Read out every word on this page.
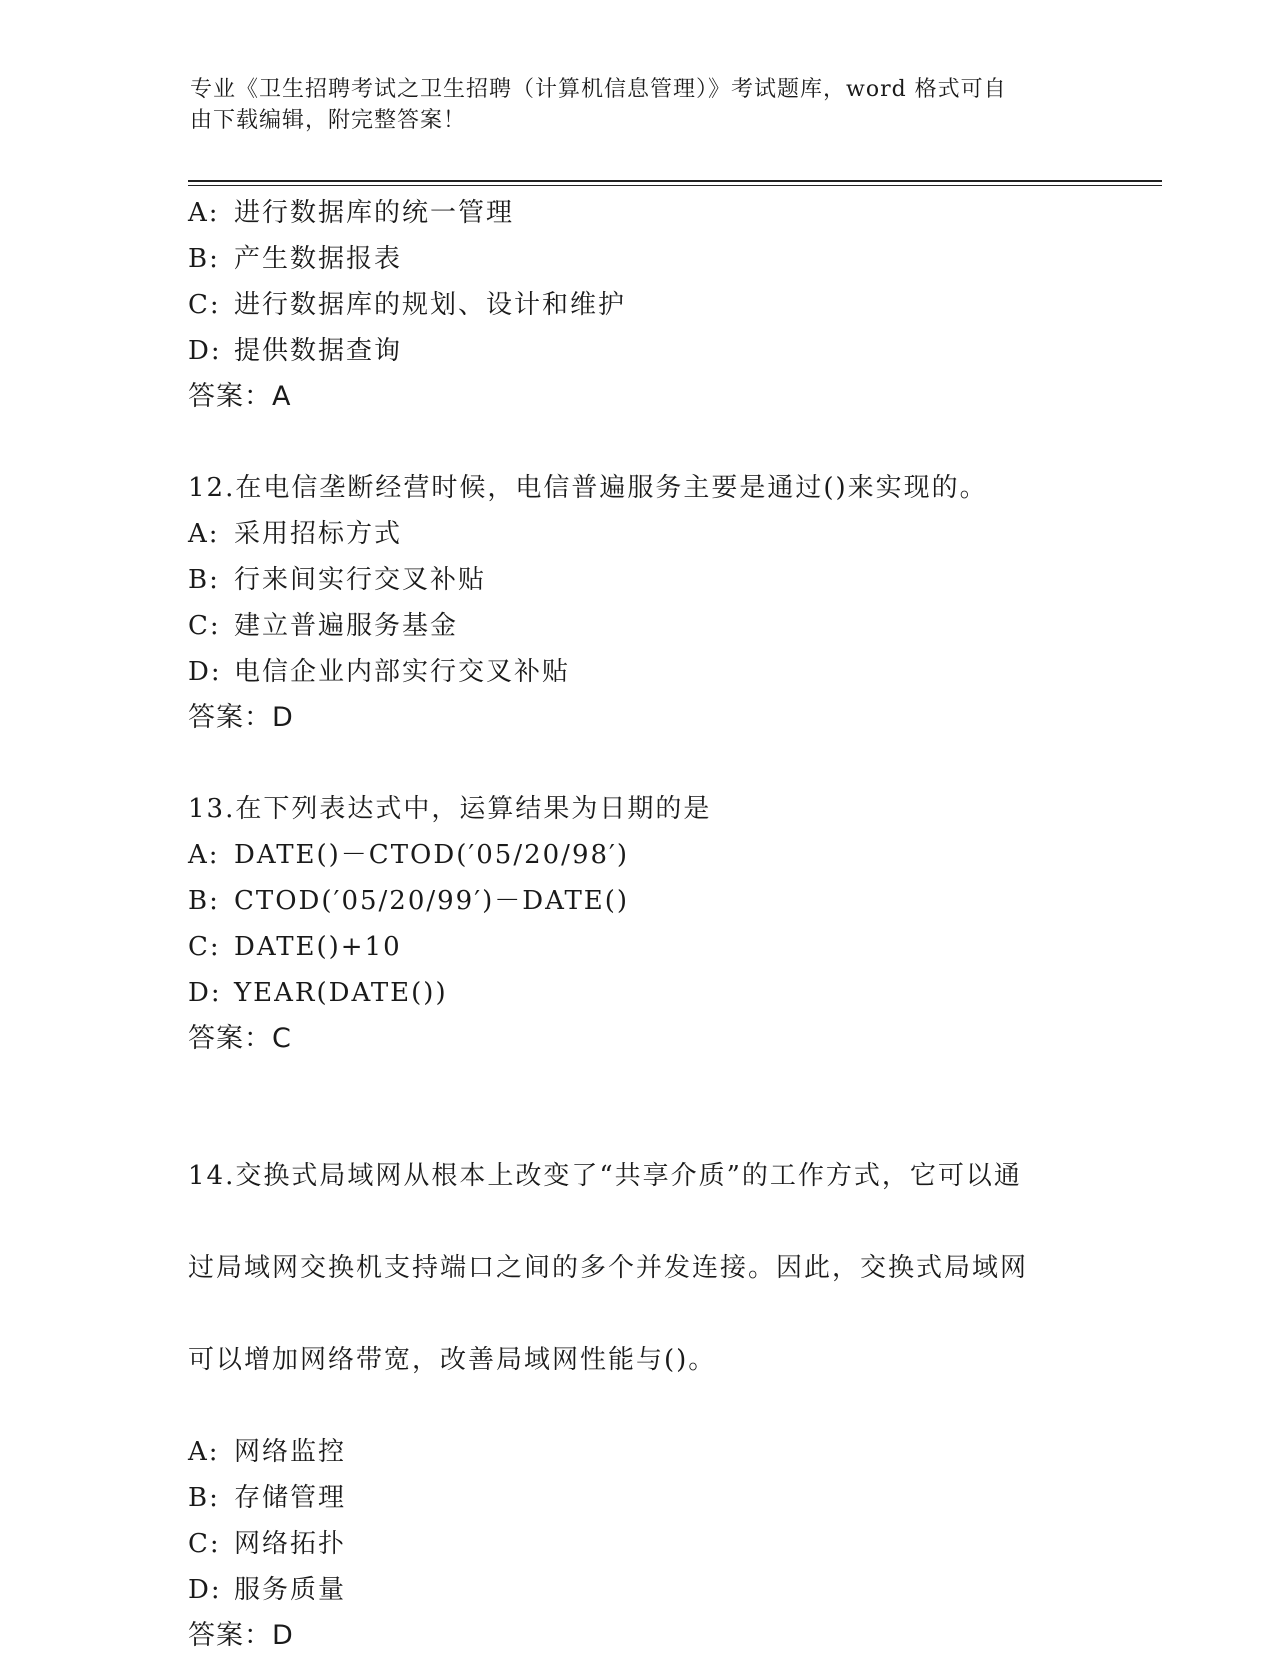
专业《卫生招聘考试之卫生招聘（计算机信息管理）》考试题库，word 格式可自
由下载编辑，附完整答案！
A: 进行数据库的统一管理
B: 产生数据报表
C: 进行数据库的规划、设计和维护
D: 提供数据查询
答案：A
12.在电信垄断经营时候，电信普遍服务主要是通过()来实现的。
A: 采用招标方式
B: 行来间实行交叉补贴
C: 建立普遍服务基金
D: 电信企业内部实行交叉补贴
答案：D
13.在下列表达式中，运算结果为日期的是
A: DATE()－CTOD(′05/20/98′)
B: CTOD(′05/20/99′)－DATE()
C: DATE()+10
D: YEAR(DATE())
答案：C

14.交换式局域网从根本上改变了“共享介质”的工作方式，它可以通

过局域网交换机支持端口之间的多个并发连接。因此，交换式局域网

可以增加网络带宽，改善局域网性能与()。

A: 网络监控
B: 存储管理
C: 网络拓扑
D: 服务质量
答案：D
